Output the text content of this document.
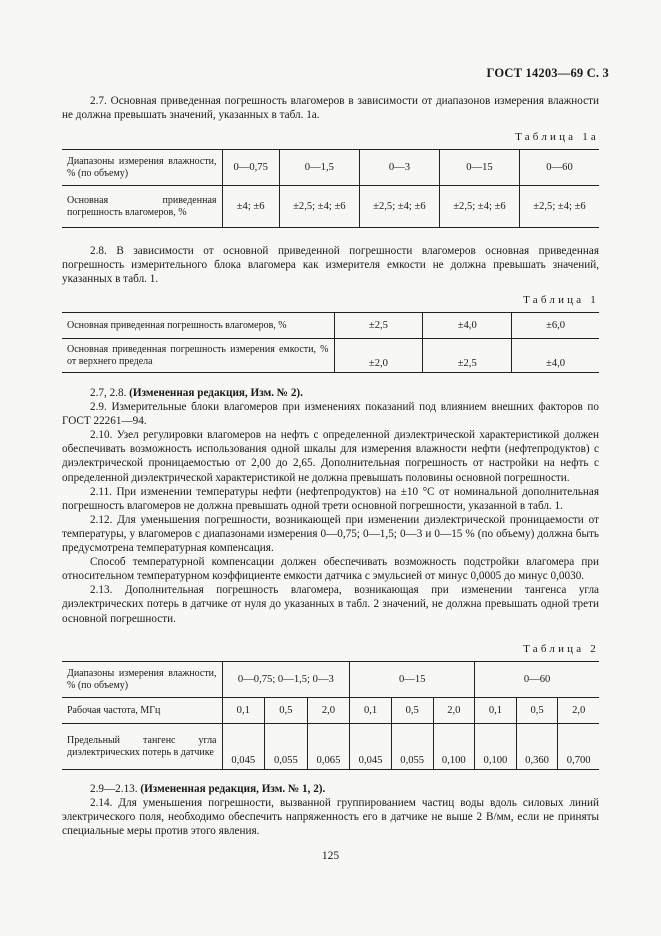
ГОСТ 14203—69 С. 3

2.7. Основная приведенная погрешность влагомеров в зависимости от диапазонов измерения влажности не должна превышать значений, указанных в табл. 1а.

Таблица 1а
Диапазоны измерения влажности, % (по объему)	0—0,75	0—1,5	0—3	0—15	0—60
Основная приведенная погрешность влагомеров, %	±4; ±6	±2,5; ±4; ±6	±2,5; ±4; ±6	±2,5; ±4; ±6	±2,5; ±4; ±6

2.8. В зависимости от основной приведенной погрешности влагомеров основная приведенная погрешность измерительного блока влагомера как измерителя емкости не должна превышать значений, указанных в табл. 1.

Таблица 1
Основная приведенная погрешность влагомеров, %	±2,5	±4,0	±6,0
Основная приведенная погрешность измерения емкости, % от верхнего предела	±2,0	±2,5	±4,0

2.7, 2.8. (Измененная редакция, Изм. № 2).

2.9. Измерительные блоки влагомеров при изменениях показаний под влиянием внешних факторов по ГОСТ 22261—94.

2.10. Узел регулировки влагомеров на нефть с определенной диэлектрической характеристикой должен обеспечивать возможность использования одной шкалы для измерения влажности нефти (нефтепродуктов) с диэлектрической проницаемостью от 2,00 до 2,65. Дополнительная погрешность от настройки на нефть с определенной диэлектрической характеристикой не должна превышать половины основной погрешности.

2.11. При изменении температуры нефти (нефтепродуктов) на ±10 °С от номинальной дополнительная погрешность влагомеров не должна превышать одной трети основной погрешности, указанной в табл. 1.

2.12. Для уменьшения погрешности, возникающей при изменении диэлектрической проницаемости от температуры, у влагомеров с диапазонами измерения 0—0,75; 0—1,5; 0—3 и 0—15 % (по объему) должна быть предусмотрена температурная компенсация.

Способ температурной компенсации должен обеспечивать возможность подстройки влагомера при относительном температурном коэффициенте емкости датчика с эмульсией от минус 0,0005 до минус 0,0030.

2.13. Дополнительная погрешность влагомера, возникающая при изменении тангенса угла диэлектрических потерь в датчике от нуля до указанных в табл. 2 значений, не должна превышать одной трети основной погрешности.

Таблица 2
Диапазоны измерения влажности, % (по объему)	0—0,75; 0—1,5; 0—3			0—15			0—60		
Рабочая частота, МГц	0,1	0,5	2,0	0,1	0,5	2,0	0,1	0,5	2,0
Предельный тангенс угла диэлектрических потерь в датчике	0,045	0,055	0,065	0,045	0,055	0,100	0,100	0,360	0,700

2.9—2.13. (Измененная редакция, Изм. № 1, 2).

2.14. Для уменьшения погрешности, вызванной группированием частиц воды вдоль силовых линий электрического поля, необходимо обеспечить напряженность его в датчике не выше 2 В/мм, если не приняты специальные меры против этого явления.

125
